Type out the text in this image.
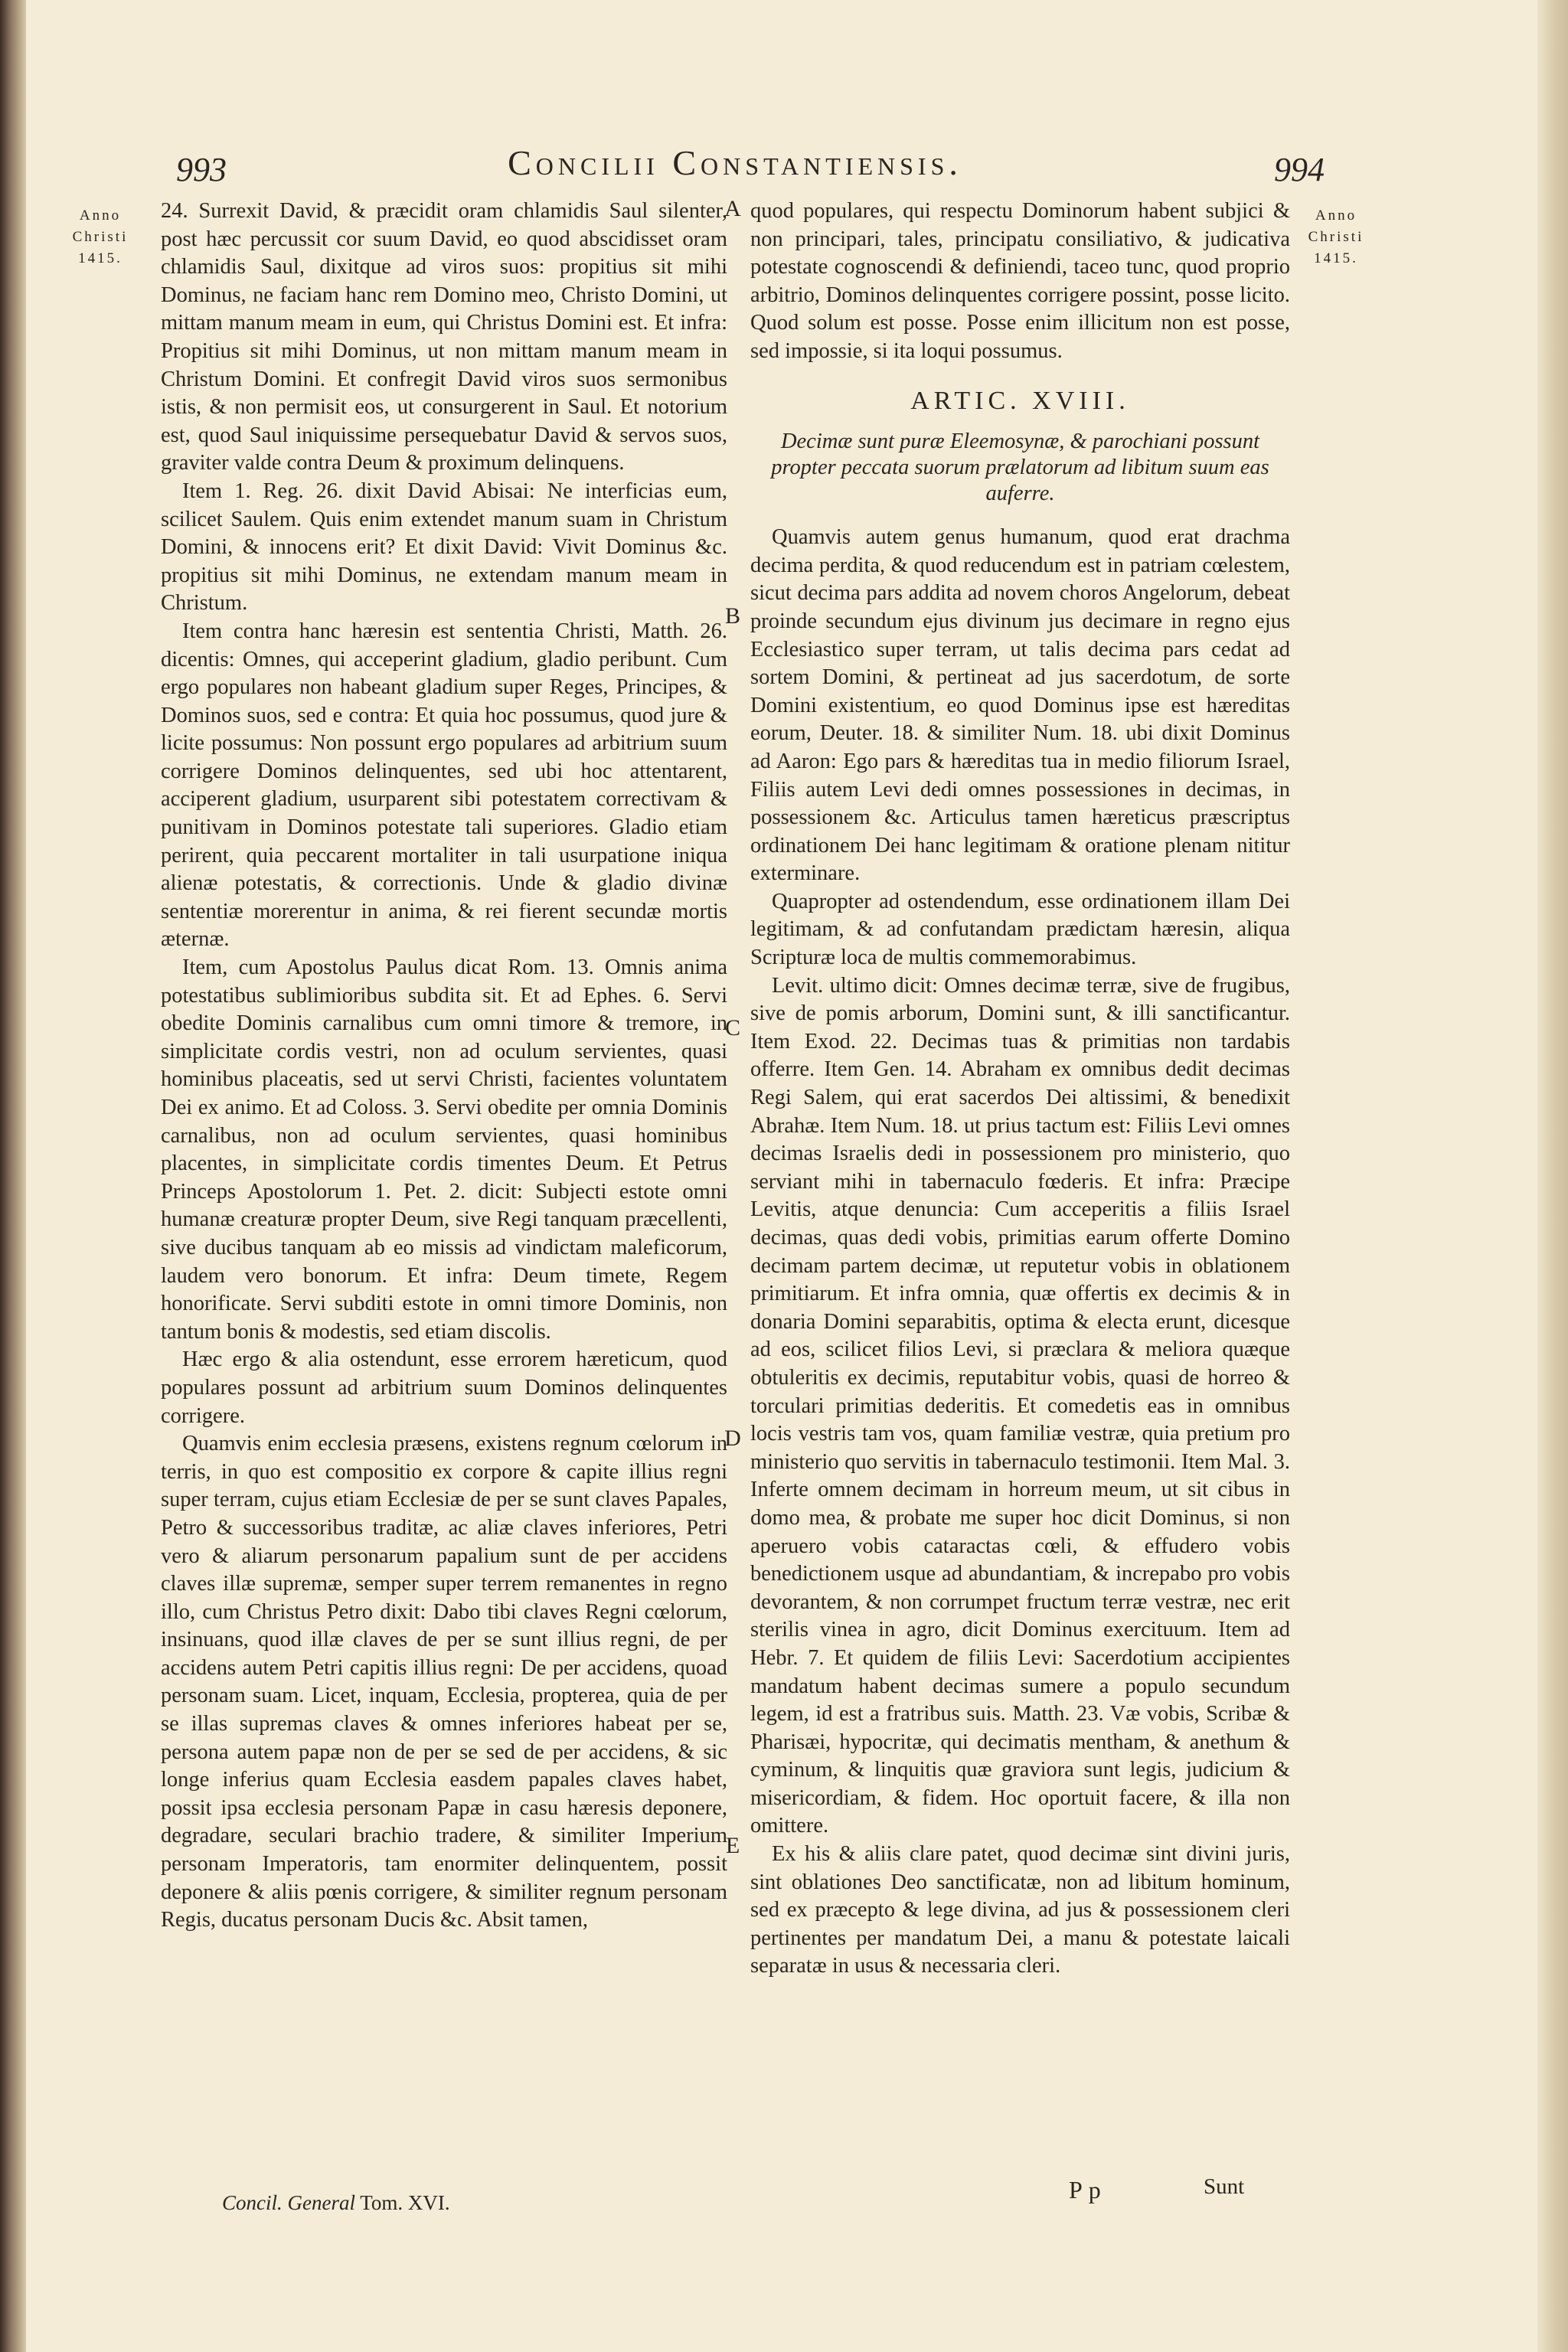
993	Concilii Constantiensis.	994
Anno
Christi
1415.
Anno
Christi
1415.
A
B
C
D
E

24. Surrexit David, & præcidit oram chlamidis Saul silenter, post hæc percussit cor suum David, eo quod abscidisset oram chlamidis Saul, dixitque ad viros suos: propitius sit mihi Dominus, ne faciam hanc rem Domino meo, Christo Domini, ut mittam manum meam in eum, qui Christus Domini est. Et infra: Propitius sit mihi Dominus, ut non mittam manum meam in Christum Domini. Et confregit David viros suos sermonibus istis, & non permisit eos, ut consurgerent in Saul. Et notorium est, quod Saul iniquissime persequebatur David & servos suos, graviter valde contra Deum & proximum delinquens.

Item 1. Reg. 26. dixit David Abisai: Ne interficias eum, scilicet Saulem. Quis enim extendet manum suam in Christum Domini, & innocens erit? Et dixit David: Vivit Dominus &c. propitius sit mihi Dominus, ne extendam manum meam in Christum.

Item contra hanc hæresin est sententia Christi, Matth. 26. dicentis: Omnes, qui acceperint gladium, gladio peribunt. Cum ergo populares non habeant gladium super Reges, Principes, & Dominos suos, sed e contra: Et quia hoc possumus, quod jure & licite possumus: Non possunt ergo populares ad arbitrium suum corrigere Dominos delinquentes, sed ubi hoc attentarent, acciperent gladium, usurparent sibi potestatem correctivam & punitivam in Dominos potestate tali superiores. Gladio etiam perirent, quia peccarent mortaliter in tali usurpatione iniqua alienæ potestatis, & correctionis. Unde & gladio divinæ sententiæ morerentur in anima, & rei fierent secundæ mortis æternæ.

Item, cum Apostolus Paulus dicat Rom. 13. Omnis anima potestatibus sublimioribus subdita sit. Et ad Ephes. 6. Servi obedite Dominis carnalibus cum omni timore & tremore, in simplicitate cordis vestri, non ad oculum servientes, quasi hominibus placeatis, sed ut servi Christi, facientes voluntatem Dei ex animo. Et ad Coloss. 3. Servi obedite per omnia Dominis carnalibus, non ad oculum servientes, quasi hominibus placentes, in simplicitate cordis timentes Deum. Et Petrus Princeps Apostolorum 1. Pet. 2. dicit: Subjecti estote omni humanæ creaturæ propter Deum, sive Regi tanquam præcellenti, sive ducibus tanquam ab eo missis ad vindictam maleficorum, laudem vero bonorum. Et infra: Deum timete, Regem honorificate. Servi subditi estote in omni timore Dominis, non tantum bonis & modestis, sed etiam discolis.

Hæc ergo & alia ostendunt, esse errorem hæreticum, quod populares possunt ad arbitrium suum Dominos delinquentes corrigere.

Quamvis enim ecclesia præsens, existens regnum cœlorum in terris, in quo est compositio ex corpore & capite illius regni super terram, cujus etiam Ecclesiæ de per se sunt claves Papales, Petro & successoribus traditæ, ac aliæ claves inferiores, Petri vero & aliarum personarum papalium sunt de per accidens claves illæ supremæ, semper super terrem remanentes in regno illo, cum Christus Petro dixit: Dabo tibi claves Regni cœlorum, insinuans, quod illæ claves de per se sunt illius regni, de per accidens autem Petri capitis illius regni: De per accidens, quoad personam suam. Licet, inquam, Ecclesia, propterea, quia de per se illas supremas claves & omnes inferiores habeat per se, persona autem papæ non de per se sed de per accidens, & sic longe inferius quam Ecclesia easdem papales claves habet, possit ipsa ecclesia personam Papæ in casu hæresis deponere, degradare, seculari brachio tradere, & similiter Imperium personam Imperatoris, tam enormiter delinquentem, possit deponere & aliis pœnis corrigere, & similiter regnum personam Regis, ducatus personam Ducis &c. Absit tamen,

quod populares, qui respectu Dominorum habent subjici & non principari, tales, principatu consiliativo, & judicativa potestate cognoscendi & definiendi, taceo tunc, quod proprio arbitrio, Dominos delinquentes corrigere possint, posse licito. Quod solum est posse. Posse enim illicitum non est posse, sed impossie, si ita loqui possumus.

ARTIC. XVIII.

Decimæ sunt puræ Eleemosynæ, & parochiani possunt propter peccata suorum prælatorum ad libitum suum eas auferre.

Quamvis autem genus humanum, quod erat drachma decima perdita, & quod reducendum est in patriam cœlestem, sicut decima pars addita ad novem choros Angelorum, debeat proinde secundum ejus divinum jus decimare in regno ejus Ecclesiastico super terram, ut talis decima pars cedat ad sortem Domini, & pertineat ad jus sacerdotum, de sorte Domini existentium, eo quod Dominus ipse est hæreditas eorum, Deuter. 18. & similiter Num. 18. ubi dixit Dominus ad Aaron: Ego pars & hæreditas tua in medio filiorum Israel, Filiis autem Levi dedi omnes possessiones in decimas, in possessionem &c. Articulus tamen hæreticus præscriptus ordinationem Dei hanc legitimam & oratione plenam nititur exterminare.

Quapropter ad ostendendum, esse ordinationem illam Dei legitimam, & ad confutandam prædictam hæresin, aliqua Scripturæ loca de multis commemorabimus.

Levit. ultimo dicit: Omnes decimæ terræ, sive de frugibus, sive de pomis arborum, Domini sunt, & illi sanctificantur. Item Exod. 22. Decimas tuas & primitias non tardabis offerre. Item Gen. 14. Abraham ex omnibus dedit decimas Regi Salem, qui erat sacerdos Dei altissimi, & benedixit Abrahæ. Item Num. 18. ut prius tactum est: Filiis Levi omnes decimas Israelis dedi in possessionem pro ministerio, quo serviant mihi in tabernaculo fœderis. Et infra: Præcipe Levitis, atque denuncia: Cum acceperitis a filiis Israel decimas, quas dedi vobis, primitias earum offerte Domino decimam partem decimæ, ut reputetur vobis in oblationem primitiarum. Et infra omnia, quæ offertis ex decimis & in donaria Domini separabitis, optima & electa erunt, dicesque ad eos, scilicet filios Levi, si præclara & meliora quæque obtuleritis ex decimis, reputabitur vobis, quasi de horreo & torculari primitias dederitis. Et comedetis eas in omnibus locis vestris tam vos, quam familiæ vestræ, quia pretium pro ministerio quo servitis in tabernaculo testimonii. Item Mal. 3. Inferte omnem decimam in horreum meum, ut sit cibus in domo mea, & probate me super hoc dicit Dominus, si non aperuero vobis cataractas cœli, & effudero vobis benedictionem usque ad abundantiam, & increpabo pro vobis devorantem, & non corrumpet fructum terræ vestræ, nec erit sterilis vinea in agro, dicit Dominus exercituum. Item ad Hebr. 7. Et quidem de filiis Levi: Sacerdotium accipientes mandatum habent decimas sumere a populo secundum legem, id est a fratribus suis. Matth. 23. Væ vobis, Scribæ & Pharisæi, hypocritæ, qui decimatis mentham, & anethum & cyminum, & linquitis quæ graviora sunt legis, judicium & misericordiam, & fidem. Hoc oportuit facere, & illa non omittere.

Ex his & aliis clare patet, quod decimæ sint divini juris, sint oblationes Deo sanctificatæ, non ad libitum hominum, sed ex præcepto & lege divina, ad jus & possessionem cleri pertinentes per mandatum Dei, a manu & potestate laicali separatæ in usus & necessaria cleri.

Concil. General Tom. XVI.	Pp	Sunt
